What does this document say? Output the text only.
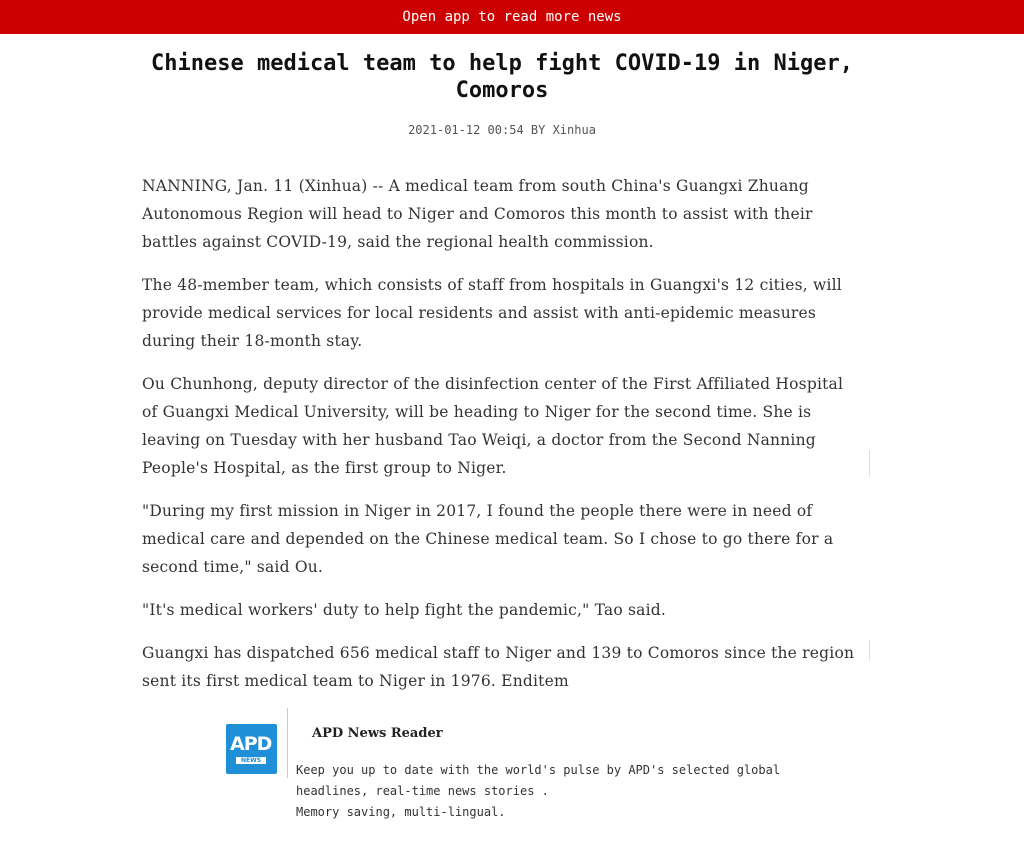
Open app to read more news
Chinese medical team to help fight COVID-19 in Niger, Comoros
2021-01-12 00:54 BY Xinhua

NANNING, Jan. 11 (Xinhua) -- A medical team from south China's Guangxi Zhuang Autonomous Region will head to Niger and Comoros this month to assist with their battles against COVID-19, said the regional health commission.

The 48-member team, which consists of staff from hospitals in Guangxi's 12 cities, will provide medical services for local residents and assist with anti-epidemic measures during their 18-month stay.

Ou Chunhong, deputy director of the disinfection center of the First Affiliated Hospital of Guangxi Medical University, will be heading to Niger for the second time. She is leaving on Tuesday with her husband Tao Weiqi, a doctor from the Second Nanning People's Hospital, as the first group to Niger.

"During my first mission in Niger in 2017, I found the people there were in need of medical care and depended on the Chinese medical team. So I chose to go there for a second time," said Ou.

"It's medical workers' duty to help fight the pandemic," Tao said.

Guangxi has dispatched 656 medical staff to Niger and 139 to Comoros since the region sent its first medical team to Niger in 1976. Enditem

APD
NEWS
APD News Reader
Keep you up to date with the world's pulse by APD's selected global
headlines, real-time news stories .
Memory saving, multi-lingual.
